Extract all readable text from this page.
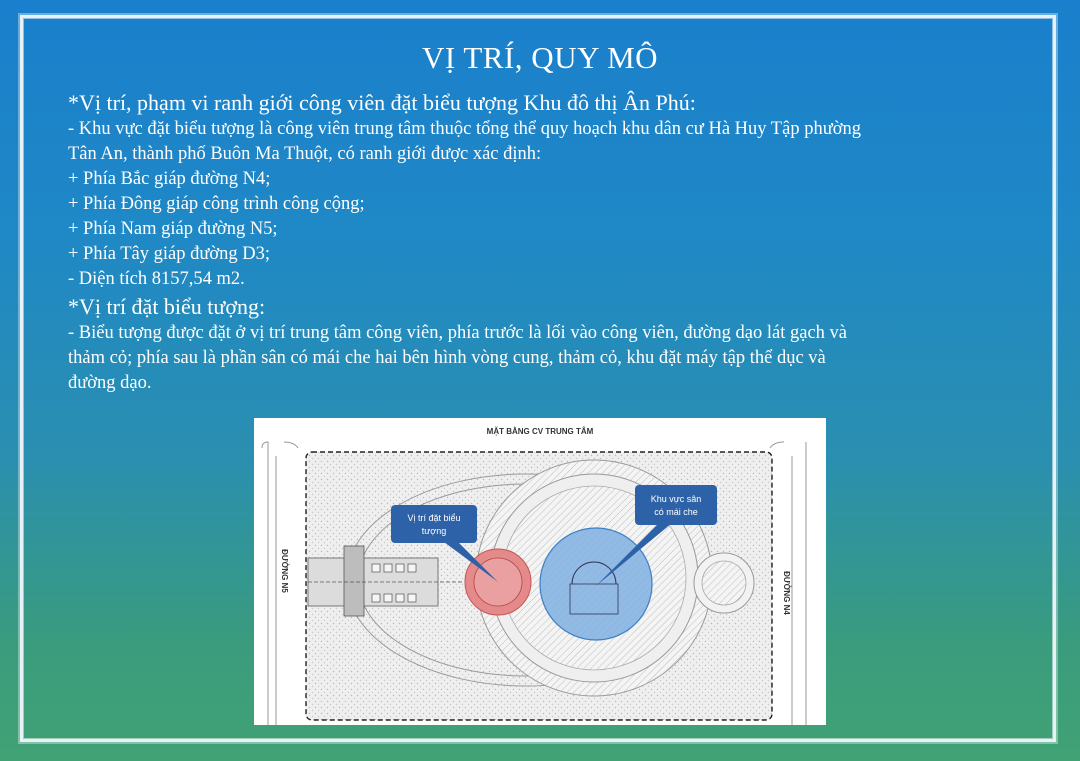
VỊ TRÍ, QUY MÔ

*Vị trí, phạm vi ranh giới công viên đặt biểu tượng Khu đô thị Ân Phú:

- Khu vực đặt biểu tượng là công viên trung tâm thuộc tổng thể quy hoạch khu dân cư Hà Huy Tập phường

Tân An, thành phố Buôn Ma Thuột, có ranh giới được xác định:

+ Phía Bắc giáp đường N4;

+ Phía Đông giáp công trình công cộng;

+ Phía Nam giáp đường N5;

+ Phía Tây giáp đường D3;

- Diện tích 8157,54 m2.

*Vị trí đặt biểu tượng:

- Biểu tượng được đặt ở vị trí trung tâm công viên, phía trước là lối vào công viên, đường dạo lát gạch và

thảm cỏ; phía sau là phần sân có mái che hai bên hình vòng cung, thảm cỏ, khu đặt máy tập thể dục và

đường dạo.

MẶT BẰNG CV TRUNG TÂM
Vị trí đặt biểu
tượng
Khu vực sân
có mái che
ĐƯỜNG N5
ĐƯỜNG N4
